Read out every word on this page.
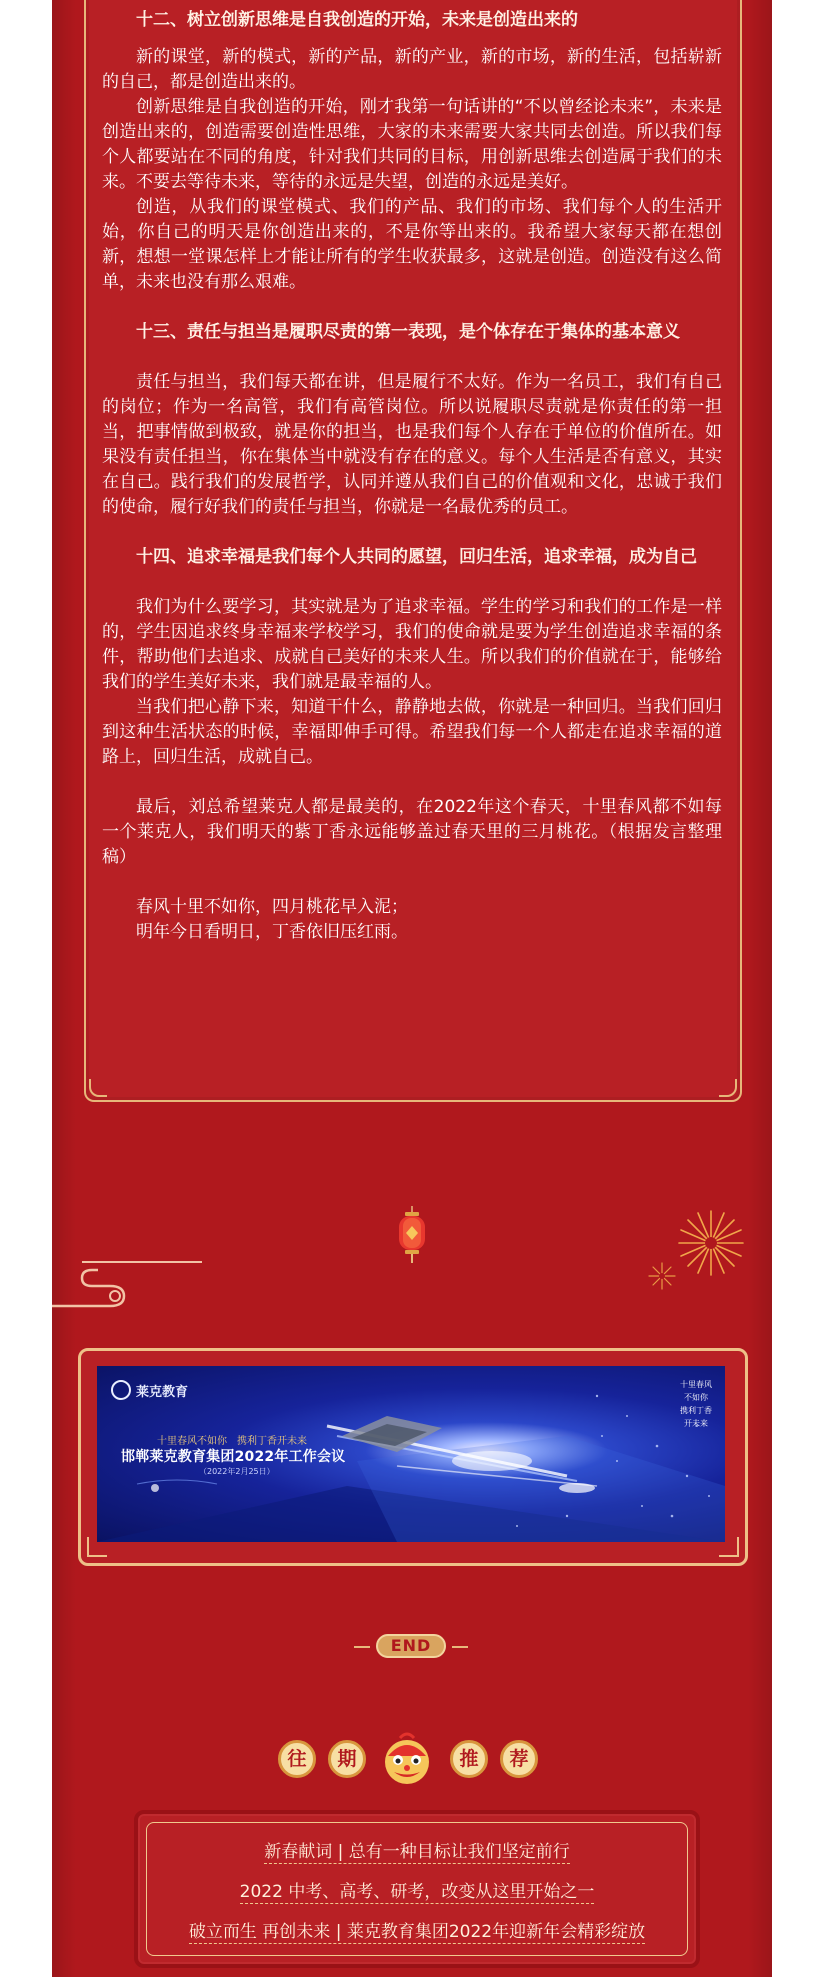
莱克教育
十里春风不如你　携利丁香开未来
邯郸莱克教育集团2022年工作会议
（2022年2月25日）
十里春风
不如你
携利丁香
开未来
END
往	期	推	荐
新春献词 | 总有一种目标让我们坚定前行
2022 中考、高考、研考，改变从这里开始之一
破立而生 再创未来 | 莱克教育集团2022年迎新年会精彩绽放
十二、树立创新思维是自我创造的开始，未来是创造出来的

新的课堂，新的模式，新的产品，新的产业，新的市场，新的生活，包括崭新的自己，都是创造出来的。

创新思维是自我创造的开始，刚才我第一句话讲的“不以曾经论未来”，未来是创造出来的，创造需要创造性思维，大家的未来需要大家共同去创造。所以我们每个人都要站在不同的角度，针对我们共同的目标，用创新思维去创造属于我们的未来。不要去等待未来，等待的永远是失望，创造的永远是美好。

创造，从我们的课堂模式、我们的产品、我们的市场、我们每个人的生活开始，你自己的明天是你创造出来的，不是你等出来的。我希望大家每天都在想创新，想想一堂课怎样上才能让所有的学生收获最多，这就是创造。创造没有这么简单，未来也没有那么艰难。

十三、责任与担当是履职尽责的第一表现，是个体存在于集体的基本意义

责任与担当，我们每天都在讲，但是履行不太好。作为一名员工，我们有自己的岗位；作为一名高管，我们有高管岗位。所以说履职尽责就是你责任的第一担当，把事情做到极致，就是你的担当，也是我们每个人存在于单位的价值所在。如果没有责任担当，你在集体当中就没有存在的意义。每个人生活是否有意义，其实在自己。践行我们的发展哲学，认同并遵从我们自己的价值观和文化，忠诚于我们的使命，履行好我们的责任与担当，你就是一名最优秀的员工。

十四、追求幸福是我们每个人共同的愿望，回归生活，追求幸福，成为自己

我们为什么要学习，其实就是为了追求幸福。学生的学习和我们的工作是一样的，学生因追求终身幸福来学校学习，我们的使命就是要为学生创造追求幸福的条件，帮助他们去追求、成就自己美好的未来人生。所以我们的价值就在于，能够给我们的学生美好未来，我们就是最幸福的人。

当我们把心静下来，知道干什么，静静地去做，你就是一种回归。当我们回归到这种生活状态的时候，幸福即伸手可得。希望我们每一个人都走在追求幸福的道路上，回归生活，成就自己。

最后，刘总希望莱克人都是最美的，在2022年这个春天，十里春风都不如每一个莱克人，我们明天的紫丁香永远能够盖过春天里的三月桃花。（根据发言整理稿）

春风十里不如你，四月桃花早入泥；

明年今日看明日，丁香依旧压红雨。
